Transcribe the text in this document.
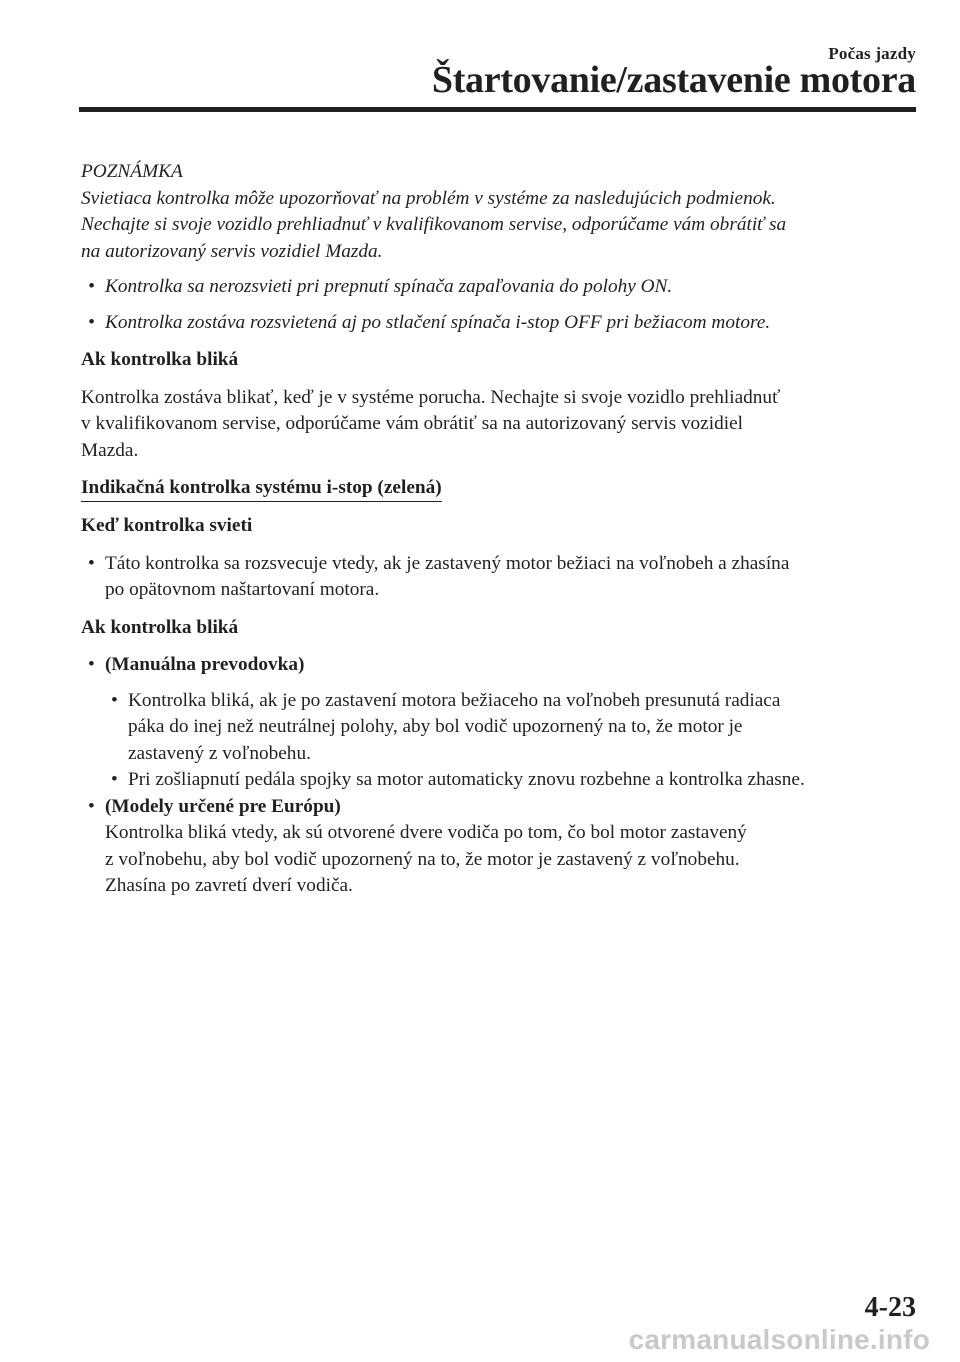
Počas jazdy
Štartovanie/zastavenie motora

POZNÁMKA

Svietiaca kontrolka môže upozorňovať na problém v systéme za nasledujúcich podmienok.

Nechajte si svoje vozidlo prehliadnuť v kvalifikovanom servise, odporúčame vám obrátiť sa

na autorizovaný servis vozidiel Mazda.

• Kontrolka sa nerozsvieti pri prepnutí spínača zapaľovania do polohy ON.

• Kontrolka zostáva rozsvietená aj po stlačení spínača i-stop OFF pri bežiacom motore.

Ak kontrolka bliká

Kontrolka zostáva blikať, keď je v systéme porucha. Nechajte si svoje vozidlo prehliadnuť

v kvalifikovanom servise, odporúčame vám obrátiť sa na autorizovaný servis vozidiel

Mazda.

Indikačná kontrolka systému i-stop (zelená)

Keď kontrolka svieti

• Táto kontrolka sa rozsvecuje vtedy, ak je zastavený motor bežiaci na voľnobeh a zhasína

po opätovnom naštartovaní motora.

Ak kontrolka bliká

• (Manuálna prevodovka)

• Kontrolka bliká, ak je po zastavení motora bežiaceho na voľnobeh presunutá radiaca

páka do inej než neutrálnej polohy, aby bol vodič upozornený na to, že motor je

zastavený z voľnobehu.

• Pri zošliapnutí pedála spojky sa motor automaticky znovu rozbehne a kontrolka zhasne.

• (Modely určené pre Európu)

Kontrolka bliká vtedy, ak sú otvorené dvere vodiča po tom, čo bol motor zastavený

z voľnobehu, aby bol vodič upozornený na to, že motor je zastavený z voľnobehu.

Zhasína po zavretí dverí vodiča.

4-23
carmanualsonline.info
